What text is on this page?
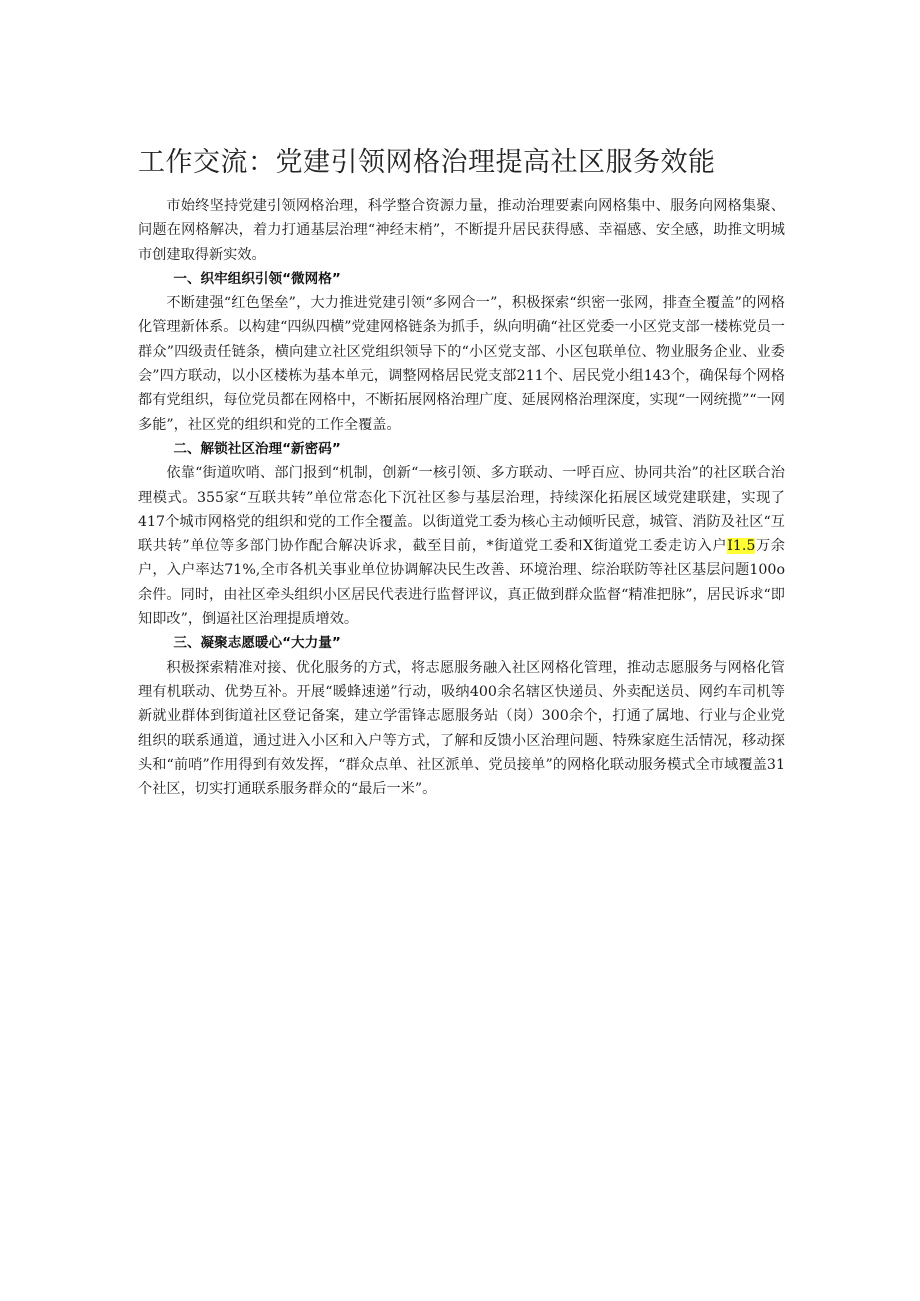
工作交流：党建引领网格治理提高社区服务效能

市始终坚持党建引领网格治理，科学整合资源力量，推动治理要素向网格集中、服务向网格集聚、问题在网格解决，着力打通基层治理“神经末梢”，不断提升居民获得感、幸福感、安全感，助推文明城市创建取得新实效。

一、织牢组织引领“微网格”

不断建强“红色堡垒”，大力推进党建引领“多网合一”，积极探索“织密一张网，排查全覆盖”的网格化管理新体系。以构建“四纵四横”党建网格链条为抓手，纵向明确“社区党委一小区党支部一楼栋党员一群众”四级责任链条，横向建立社区党组织领导下的“小区党支部、小区包联单位、物业服务企业、业委会”四方联动，以小区楼栋为基本单元，调整网格居民党支部211个、居民党小组143个，确保每个网格都有党组织，每位党员都在网格中，不断拓展网格治理广度、延展网格治理深度，实现“一网统揽”“一网多能”，社区党的组织和党的工作全覆盖。

二、解锁社区治理“新密码”

依靠“街道吹哨、部门报到“机制，创新“一核引领、多方联动、一呼百应、协同共治”的社区联合治理模式。355家“互联共转”单位常态化下沉社区参与基层治理，持续深化拓展区域党建联建，实现了417个城市网格党的组织和党的工作全覆盖。以街道党工委为核心主动倾听民意，城管、消防及社区“互联共转”单位等多部门协作配合解决诉求，截至目前，*街道党工委和X街道党工委走访入户I1.5万余户，入户率达71%,全市各机关事业单位协调解决民生改善、环境治理、综治联防等社区基层问题100o余件。同时，由社区牵头组织小区居民代表进行监督评议，真正做到群众监督“精准把脉”，居民诉求“即知即改”，倒逼社区治理提质增效。

三、凝聚志愿暖心“大力量”

积极探索精准对接、优化服务的方式，将志愿服务融入社区网格化管理，推动志愿服务与网格化管理有机联动、优势互补。开展“暖蜂速递”行动，吸纳400余名辖区快递员、外卖配送员、网约车司机等新就业群体到街道社区登记备案，建立学雷锋志愿服务站（岗）300余个，打通了属地、行业与企业党组织的联系通道，通过进入小区和入户等方式，了解和反馈小区治理问题、特殊家庭生活情况，移动探头和“前哨”作用得到有效发挥，“群众点单、社区派单、党员接单”的网格化联动服务模式全市域覆盖31个社区，切实打通联系服务群众的“最后一米”。
